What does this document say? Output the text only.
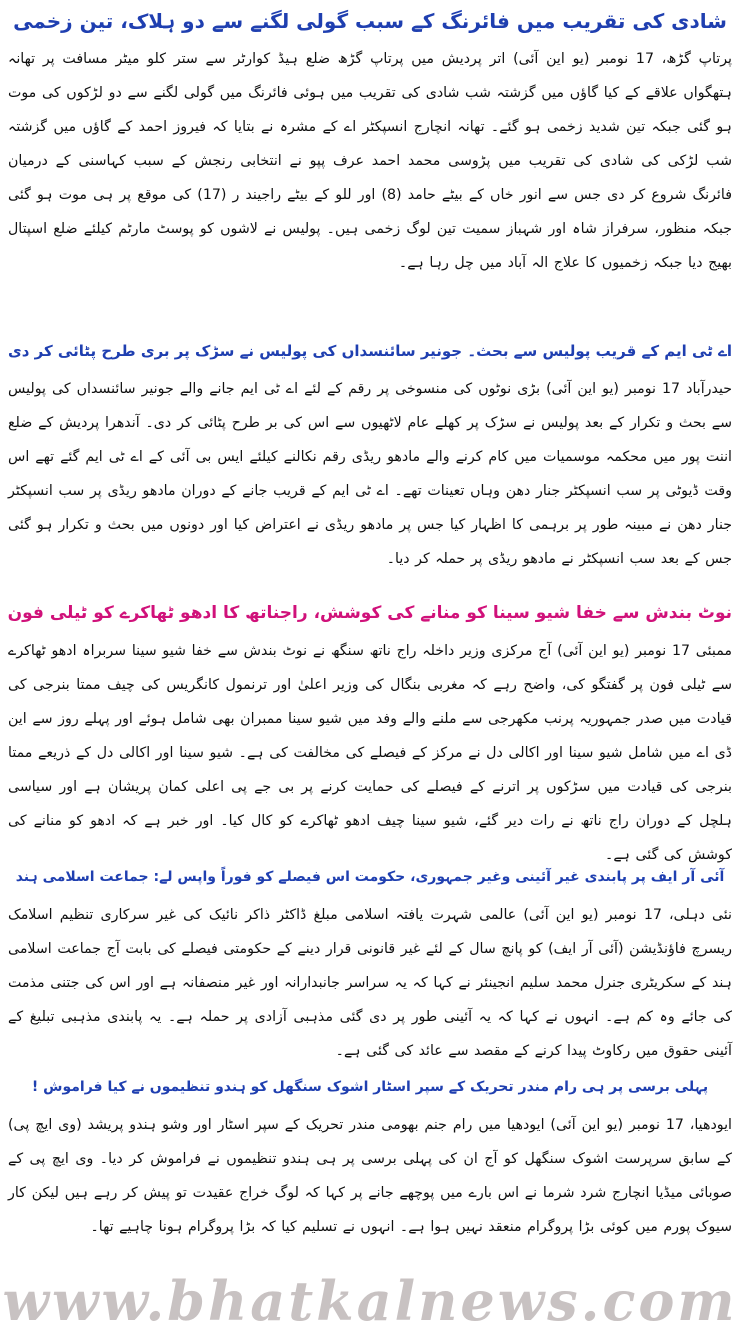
شادی کی تقریب میں فائرنگ کے سبب گولی لگنے سے دو ہلاک، تین زخمی

پرتاپ گڑھ، 17 نومبر (یو این آئی) اتر پردیش میں پرتاپ گڑھ ضلع ہیڈ کوارٹر سے ستر کلو میٹر مسافت پر تھانہ ہتھگواں علاقے کے کیا گاؤں میں گزشتہ شب شادی کی تقریب میں ہوئی فائرنگ میں گولی لگنے سے دو لڑکوں کی موت ہو گئی جبکہ تین شدید زخمی ہو گئے۔ تھانہ انچارج انسپکٹر اے کے مشرہ نے بتایا کہ فیروز احمد کے گاؤں میں گزشتہ شب لڑکی کی شادی کی تقریب میں پڑوسی محمد احمد عرف پپو نے انتخابی رنجش کے سبب کہاسنی کے درمیان فائرنگ شروع کر دی جس سے انور خاں کے بیٹے حامد (8) اور للو کے بیٹے راجیند ر (17) کی موقع پر ہی موت ہو گئی جبکہ منظور، سرفراز شاہ اور شہباز سمیت تین لوگ زخمی ہیں۔ پولیس نے لاشوں کو پوسٹ مارٹم کیلئے ضلع اسپتال بھیج دیا جبکہ زخمیوں کا علاج الہ آباد میں چل رہا ہے۔

اے ٹی ایم کے قریب پولیس سے بحث۔ جونیر سائنسداں کی پولیس نے سڑک پر بری طرح پٹائی کر دی

حیدرآباد 17 نومبر (یو این آئی) بڑی نوٹوں کی منسوخی پر رقم کے لئے اے ٹی ایم جانے والے جونیر سائنسداں کی پولیس سے بحث و تکرار کے بعد پولیس نے سڑک پر کھلے عام لاٹھیوں سے اس کی بر طرح پٹائی کر دی۔ آندھرا پردیش کے ضلع اننت پور میں محکمہ موسمیات میں کام کرنے والے مادھو ریڈی رقم نکالنے کیلئے ایس بی آئی کے اے ٹی ایم گئے تھے اس وقت ڈیوٹی پر سب انسپکٹر جنار دھن وہاں تعینات تھے۔ اے ٹی ایم کے قریب جانے کے دوران مادھو ریڈی پر سب انسپکٹر جنار دھن نے مبینہ طور پر برہمی کا اظہار کیا جس پر مادھو ریڈی نے اعتراض کیا اور دونوں میں بحث و تکرار ہو گئی جس کے بعد سب انسپکٹر نے مادھو ریڈی پر حملہ کر دیا۔

نوٹ بندش سے خفا شیو سینا کو منانے کی کوشش، راجناتھ کا ادھو ٹھاکرے کو ٹیلی فون

ممبئی 17 نومبر (یو این آئی) آج مرکزی وزیر داخلہ راج ناتھ سنگھ نے نوٹ بندش سے خفا شیو سینا سربراہ ادھو ٹھاکرے سے ٹیلی فون پر گفتگو کی، واضح رہے کہ مغربی بنگال کی وزیر اعلیٰ اور ترنمول کانگریس کی چیف ممتا بنرجی کی قیادت میں صدر جمہوریہ پرنب مکھرجی سے ملنے والے وفد میں شیو سینا ممبران بھی شامل ہوئے اور پہلے روز سے این ڈی اے میں شامل شیو سینا اور اکالی دل نے مرکز کے فیصلے کی مخالفت کی ہے۔ شیو سینا اور اکالی دل کے ذریعے ممتا بنرجی کی قیادت میں سڑکوں پر اترنے کے فیصلے کی حمایت کرنے پر بی جے پی اعلی کمان پریشان ہے اور سیاسی ہلچل کے دوران راج ناتھ نے رات دیر گئے، شیو سینا چیف ادھو ٹھاکرے کو کال کیا۔ اور خبر ہے کہ ادھو کو منانے کی کوشش کی گئی ہے۔

آئی آر ایف پر پابندی غیر آئینی وغیر جمہوری، حکومت اس فیصلے کو فوراً واپس لے: جماعت اسلامی ہند

نئی دہلی، 17 نومبر (یو این آئی) عالمی شہرت یافتہ اسلامی مبلغ ڈاکٹر ذاکر نائیک کی غیر سرکاری تنظیم اسلامک ریسرچ فاؤنڈیشن (آئی آر ایف) کو پانچ سال کے لئے غیر قانونی قرار دینے کے حکومتی فیصلے کی بابت آج جماعت اسلامی ہند کے سکریٹری جنرل محمد سلیم انجینئر نے کہا کہ یہ سراسر جانبدارانہ اور غیر منصفانہ ہے اور اس کی جتنی مذمت کی جائے وہ کم ہے۔ انہوں نے کہا کہ یہ آئینی طور پر دی گئی مذہبی آزادی پر حملہ ہے۔ یہ پابندی مذہبی تبلیغ کے آئینی حقوق میں رکاوٹ پیدا کرنے کے مقصد سے عائد کی گئی ہے۔

پہلی برسی پر ہی رام مندر تحریک کے سپر اسٹار اشوک سنگھل کو ہندو تنظیموں نے کیا فراموش !

ایودھیا، 17 نومبر (یو این آئی) ایودھیا میں رام جنم بھومی مندر تحریک کے سپر اسٹار اور وشو ہندو پریشد (وی ایچ پی) کے سابق سرپرست اشوک سنگھل کو آج ان کی پہلی برسی پر ہی ہندو تنظیموں نے فراموش کر دیا۔ وی ایچ پی کے صوبائی میڈیا انچارج شرد شرما نے اس بارے میں پوچھے جانے پر کہا کہ لوگ خراج عقیدت تو پیش کر رہے ہیں لیکن کار سیوک پورم میں کوئی بڑا پروگرام منعقد نہیں ہوا ہے۔ انہوں نے تسلیم کیا کہ بڑا پروگرام ہونا چاہیے تھا۔

www.bhatkalnews.com
